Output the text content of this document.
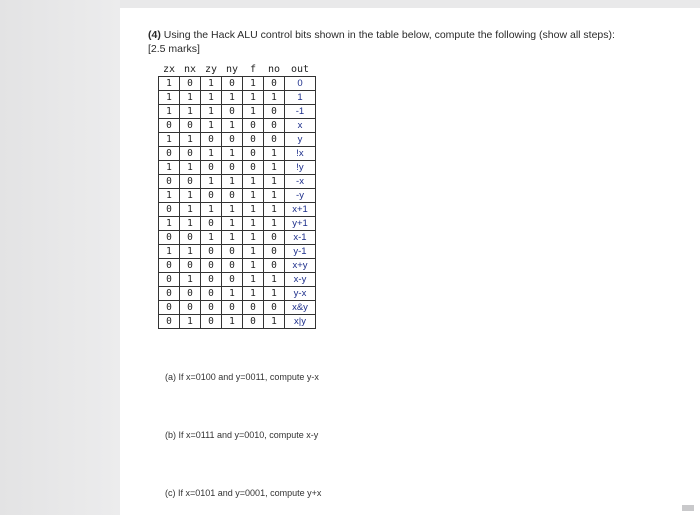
(4) Using the Hack ALU control bits shown in the table below, compute the following (show all steps): [2.5 marks]
zx	nx	zy	ny	f	no	out
1	0	1	0	1	0	0
1	1	1	1	1	1	1
1	1	1	0	1	0	-1
0	0	1	1	0	0	x
1	1	0	0	0	0	y
0	0	1	1	0	1	!x
1	1	0	0	0	1	!y
0	0	1	1	1	1	-x
1	1	0	0	1	1	-y
0	1	1	1	1	1	x+1
1	1	0	1	1	1	y+1
0	0	1	1	1	0	x-1
1	1	0	0	1	0	y-1
0	0	0	0	1	0	x+y
0	1	0	0	1	1	x-y
0	0	0	1	1	1	y-x
0	0	0	0	0	0	x&y
0	1	0	1	0	1	x|y
(a) If x=0100 and y=0011, compute y-x
(b) If x=0111 and y=0010, compute x-y
(c) If x=0101 and y=0001, compute y+x
